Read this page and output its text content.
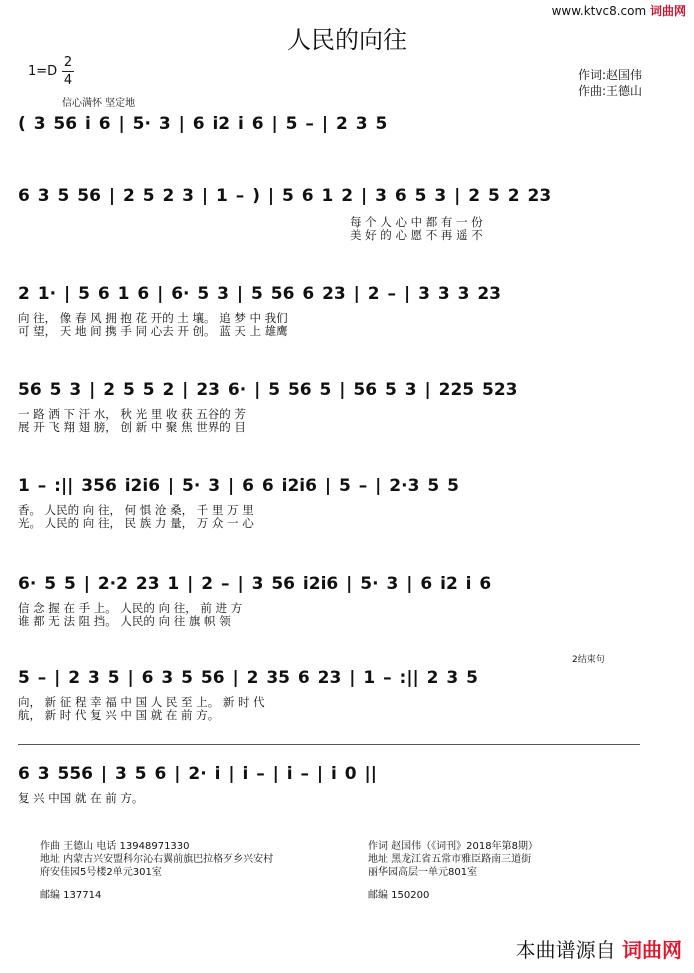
www.ktvc8.com 词曲网
人民的向往
1=D
2
4
信心满怀 坚定地
作词:赵国伟
作曲:王德山
( 3 56 i 6 | 5· 3 | 6 i2 i 6 | 5 – | 2 3 5
6 3 5 56 | 2 5 2 3 | 1 – ) | 5 6 1 2 | 3 6 5 3 | 2 5 2 23
每 个 人 心 中 都 有 一 份
美 好 的 心 愿 不 再 遥 不
2 1· | 5 6 1 6 | 6· 5 3 | 5 56 6 23 | 2 – | 3 3 3 23
向 往， 像 春 风 拥 抱 花 开的 土 壤。 追 梦 中 我们
可 望， 天 地 间 携 手 同 心去 开 创。 蓝 天 上 雄鹰
56 5 3 | 2 5 5 2 | 23 6· | 5 56 5 | 56 5 3 | 225 523
一 路 洒 下 汗 水， 秋 光 里 收 获 五谷的 芳
展 开 飞 翔 翅 膀， 创 新 中 聚 焦 世界的 目
1 – :|| 356 i2i6 | 5· 3 | 6 6 i2i6 | 5 – | 2·3 5 5
香。 人民的 向 往， 何 惧 沧 桑， 千 里 万 里
光。 人民的 向 往， 民 族 力 量， 万 众 一 心
6· 5 5 | 2·2 23 1 | 2 – | 3 56 i2i6 | 5· 3 | 6 i2 i 6
信 念 握 在 手 上。 人民的 向 往， 前 进 方
谁 都 无 法 阻 挡。 人民的 向 往 旗 帜 领
2结束句
5 – | 2 3 5 | 6 3 5 56 | 2 35 6 23 | 1 – :|| 2 3 5
向， 新 征 程 幸 福 中 国 人 民 至 上。 新 时 代
航， 新 时 代 复 兴 中 国 就 在 前 方。
6 3 556 | 3 5 6 | 2· i | i – | i – | i 0 ||
复 兴 中国 就 在 前 方。
作曲 王德山 电话 13948971330
地址 内蒙古兴安盟科尔沁右翼前旗巴拉格歹乡兴安村
府安佳园5号楼2单元301室
邮编 137714
作词 赵国伟（《词刊》2018年第8期）
地址 黑龙江省五常市雅臣路南三道街
丽华园高层一单元801室
邮编 150200
本曲谱源自 词曲网
